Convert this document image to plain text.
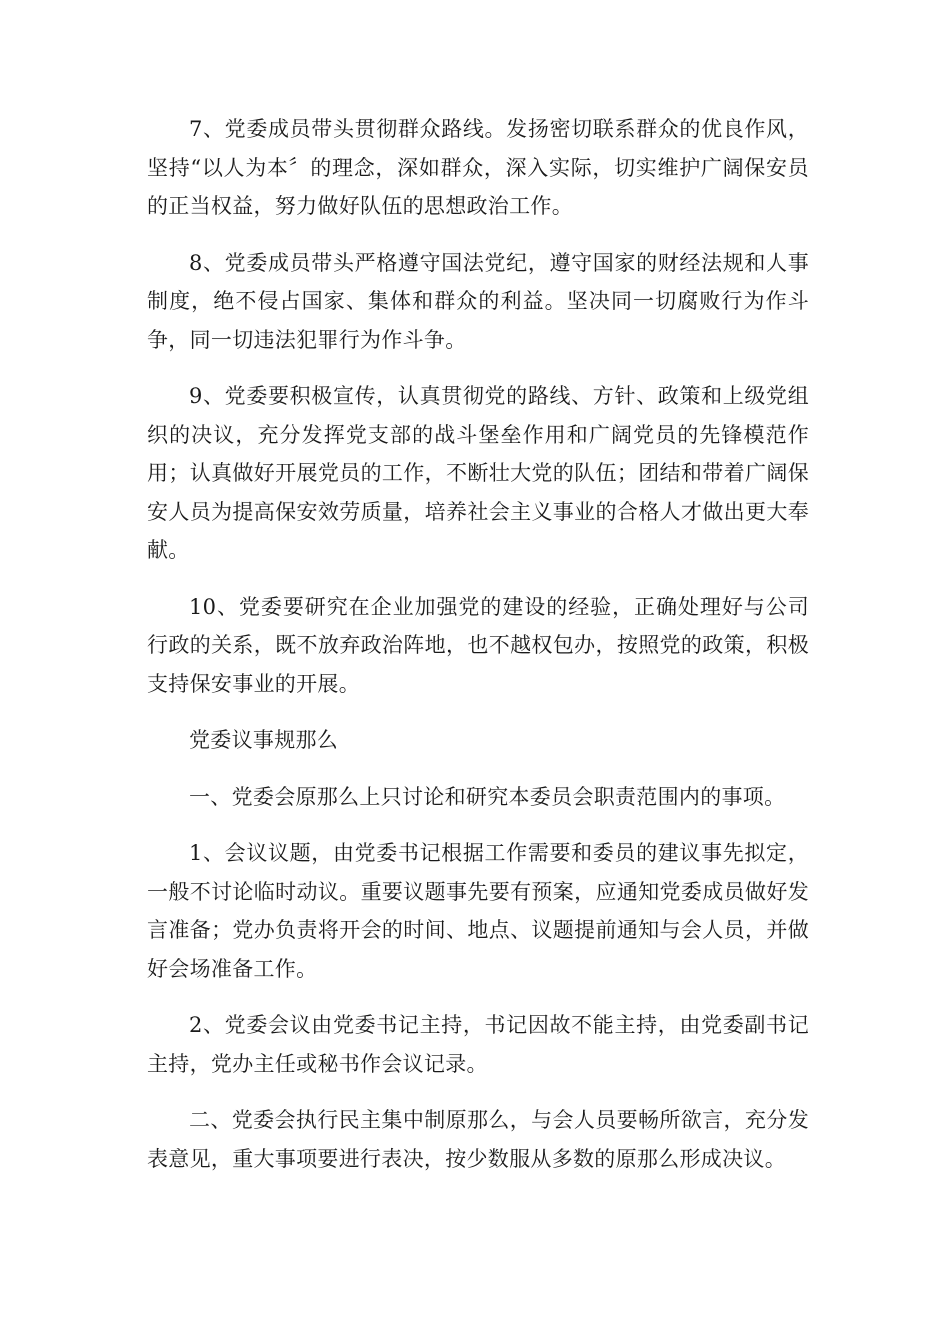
7、党委成员带头贯彻群众路线。发扬密切联系群众的优良作风，坚持“以人为本〞的理念，深如群众，深入实际，切实维护广阔保安员的正当权益，努力做好队伍的思想政治工作。

8、党委成员带头严格遵守国法党纪，遵守国家的财经法规和人事制度，绝不侵占国家、集体和群众的利益。坚决同一切腐败行为作斗争，同一切违法犯罪行为作斗争。

9、党委要积极宣传，认真贯彻党的路线、方针、政策和上级党组织的决议，充分发挥党支部的战斗堡垒作用和广阔党员的先锋模范作用；认真做好开展党员的工作，不断壮大党的队伍；团结和带着广阔保安人员为提高保安效劳质量，培养社会主义事业的合格人才做出更大奉献。

10、党委要研究在企业加强党的建设的经验，正确处理好与公司行政的关系，既不放弃政治阵地，也不越权包办，按照党的政策，积极支持保安事业的开展。

党委议事规那么

一、党委会原那么上只讨论和研究本委员会职责范围内的事项。

1、会议议题，由党委书记根据工作需要和委员的建议事先拟定，一般不讨论临时动议。重要议题事先要有预案，应通知党委成员做好发言准备；党办负责将开会的时间、地点、议题提前通知与会人员，并做好会场准备工作。

2、党委会议由党委书记主持，书记因故不能主持，由党委副书记主持，党办主任或秘书作会议记录。

二、党委会执行民主集中制原那么，与会人员要畅所欲言，充分发表意见，重大事项要进行表决，按少数服从多数的原那么形成决议。
